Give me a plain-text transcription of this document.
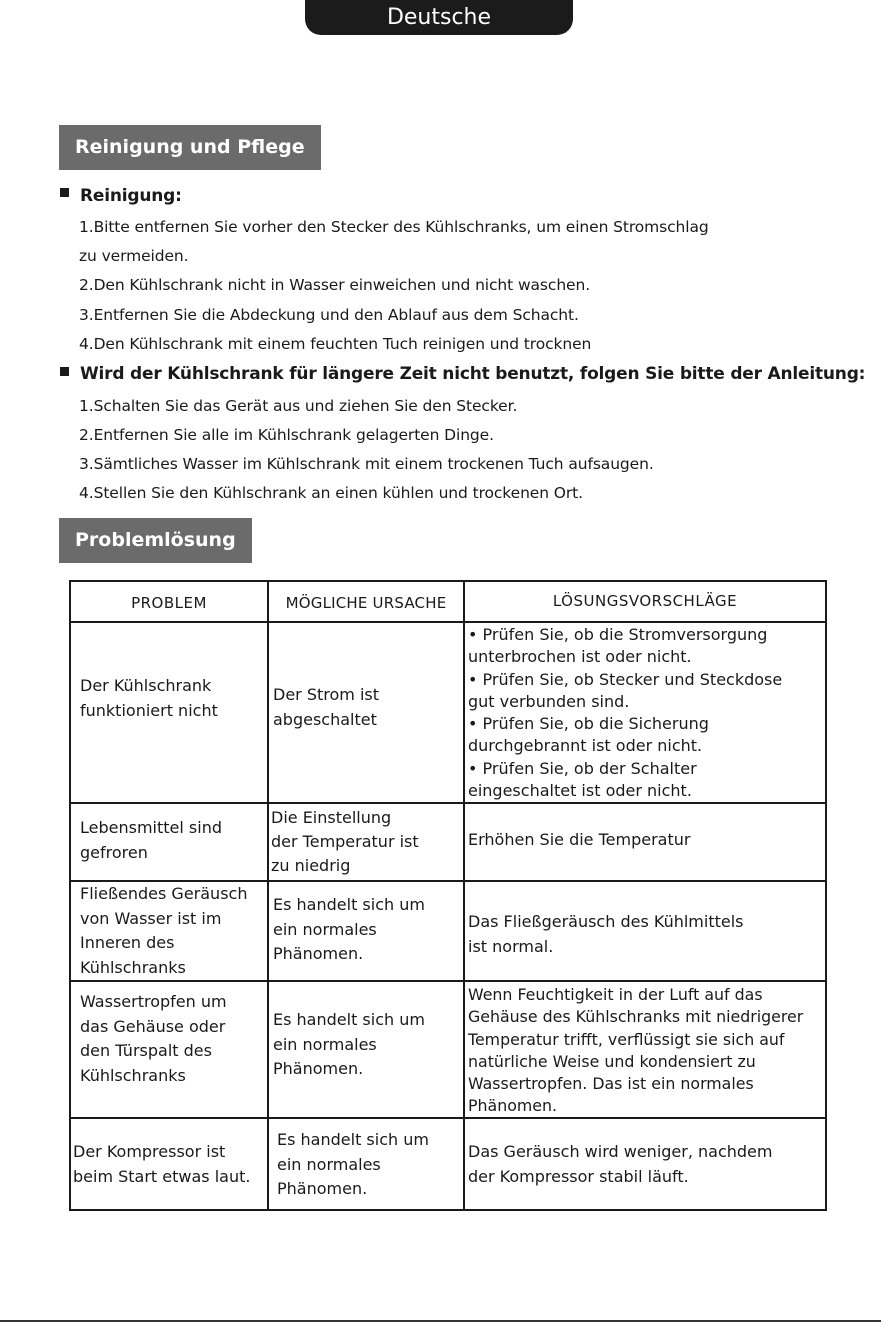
Deutsche
Reinigung und Pflege
Reinigung:
1.Bitte entfernen Sie vorher den Stecker des Kühlschranks, um einen Stromschlag
zu vermeiden.
2.Den Kühlschrank nicht in Wasser einweichen und nicht waschen.
3.Entfernen Sie die Abdeckung und den Ablauf aus dem Schacht.
4.Den Kühlschrank mit einem feuchten Tuch reinigen und trocknen
Wird der Kühlschrank für längere Zeit nicht benutzt, folgen Sie bitte der Anleitung:
1.Schalten Sie das Gerät aus und ziehen Sie den Stecker.
2.Entfernen Sie alle im Kühlschrank gelagerten Dinge.
3.Sämtliches Wasser im Kühlschrank mit einem trockenen Tuch aufsaugen.
4.Stellen Sie den Kühlschrank an einen kühlen und trockenen Ort.
Problemlösung
PROBLEM	MÖGLICHE URSACHE	LÖSUNGSVORSCHLÄGE
Der Kühlschrank
funktioniert nicht
Der Strom ist
abgeschaltet
• Prüfen Sie, ob die Stromversorgung
unterbrochen ist oder nicht.
• Prüfen Sie, ob Stecker und Steckdose
gut verbunden sind.
• Prüfen Sie, ob die Sicherung
durchgebrannt ist oder nicht.
• Prüfen Sie, ob der Schalter
eingeschaltet ist oder nicht.
Lebensmittel sind
gefroren
Die Einstellung
der Temperatur ist
zu niedrig
Erhöhen Sie die Temperatur
Fließendes Geräusch
von Wasser ist im
Inneren des
Kühlschranks
Es handelt sich um
ein normales
Phänomen.
Das Fließgeräusch des Kühlmittels
ist normal.
Wassertropfen um
das Gehäuse oder
den Türspalt des
Kühlschranks
Es handelt sich um
ein normales
Phänomen.
Wenn Feuchtigkeit in der Luft auf das
Gehäuse des Kühlschranks mit niedrigerer
Temperatur trifft, verflüssigt sie sich auf
natürliche Weise und kondensiert zu
Wassertropfen. Das ist ein normales
Phänomen.
Der Kompressor ist
beim Start etwas laut.
Es handelt sich um
ein normales
Phänomen.
Das Geräusch wird weniger, nachdem
der Kompressor stabil läuft.
